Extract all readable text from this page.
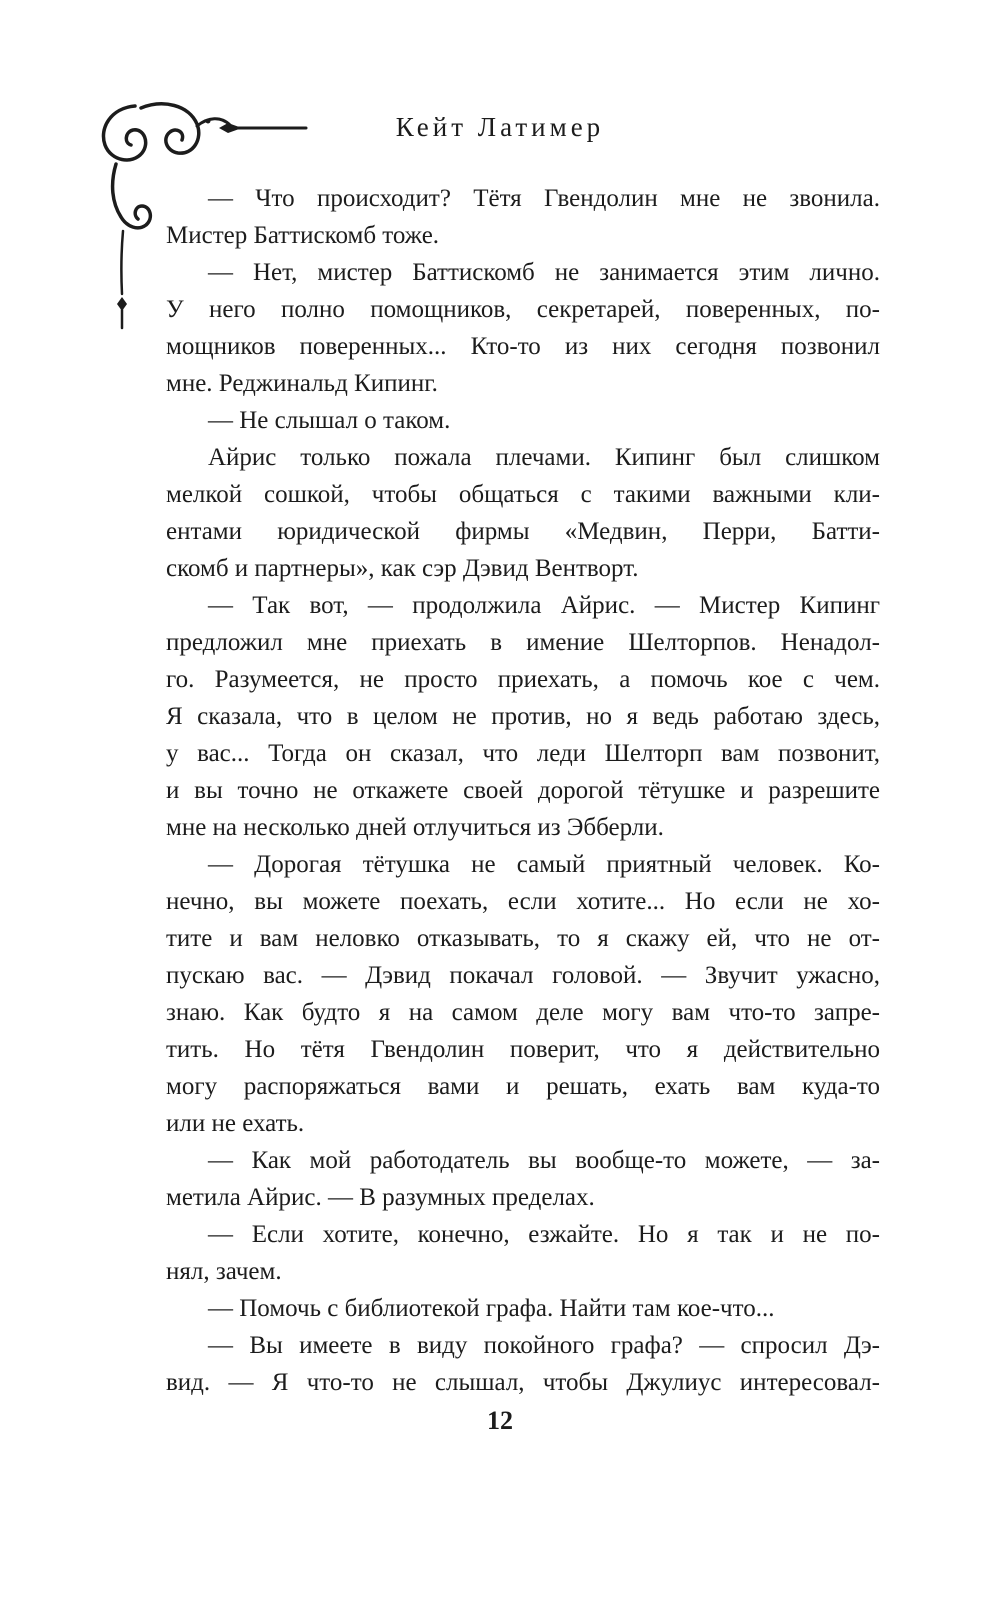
Кейт Латимер
— Что происходит? Тётя Гвендолин мне не звонила.
Мистер Баттискомб тоже.
— Нет, мистер Баттискомб не занимается этим лично.
У него полно помощников, секретарей, поверенных, по-
мощников поверенных... Кто-то из них сегодня позвонил
мне. Реджинальд Кипинг.
— Не слышал о таком.
Айрис только пожала плечами. Кипинг был слишком
мелкой сошкой, чтобы общаться с такими важными кли-
ентами юридической фирмы «Медвин, Перри, Батти-
скомб и партнеры», как сэр Дэвид Вентворт.
— Так вот, — продолжила Айрис. — Мистер Кипинг
предложил мне приехать в имение Шелторпов. Ненадол-
го. Разумеется, не просто приехать, а помочь кое с чем.
Я сказала, что в целом не против, но я ведь работаю здесь,
у вас... Тогда он сказал, что леди Шелторп вам позвонит,
и вы точно не откажете своей дорогой тётушке и разрешите
мне на несколько дней отлучиться из Эбберли.
— Дорогая тётушка не самый приятный человек. Ко-
нечно, вы можете поехать, если хотите... Но если не хо-
тите и вам неловко отказывать, то я скажу ей, что не от-
пускаю вас. — Дэвид покачал головой. — Звучит ужасно,
знаю. Как будто я на самом деле могу вам что-то запре-
тить. Но тётя Гвендолин поверит, что я действительно
могу распоряжаться вами и решать, ехать вам куда-то
или не ехать.
— Как мой работодатель вы вообще-то можете, — за-
метила Айрис. — В разумных пределах.
— Если хотите, конечно, езжайте. Но я так и не по-
нял, зачем.
— Помочь с библиотекой графа. Найти там кое-что...
— Вы имеете в виду покойного графа? — спросил Дэ-
вид. — Я что-то не слышал, чтобы Джулиус интересовал-
12
